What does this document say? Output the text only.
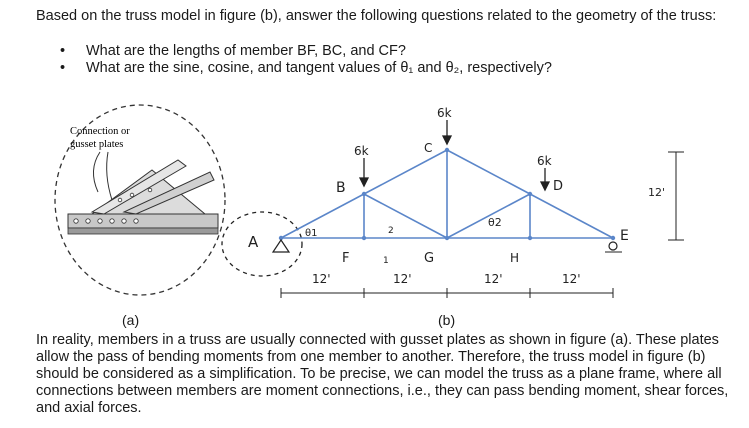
Based on the truss model in figure (b), answer the following questions related to the geometry of the truss:
• What are the lengths of member BF, BC, and CF?
• What are the sine, cosine, and tangent values of θ₁ and θ₂, respectively?
Connection or
gusset plates	6k
6k
6k
A
B
C
D
E
F	G	H
θ1
θ2
2
1
12'
12'	12'	12'	12'
(a)	(b)
In reality, members in a truss are usually connected with gusset plates as shown in figure (a). These plates allow the pass of bending moments from one member to another. Therefore, the truss model in figure (b) should be considered as a simplification. To be precise, we can model the truss as a plane frame, where all connections between members are moment connections, i.e., they can pass bending moment, shear forces, and axial forces.
